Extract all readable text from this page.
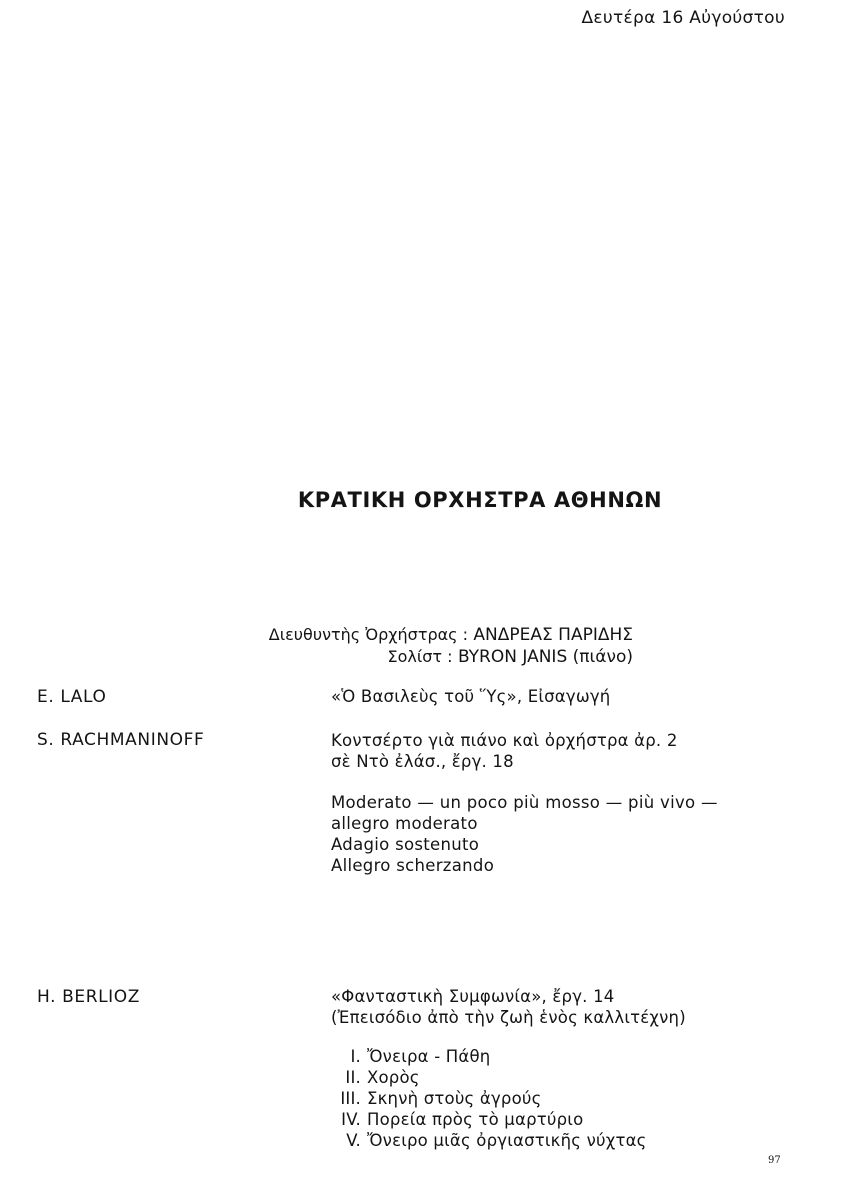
Δευτέρα 16 Αὐγούστου
ΚΡΑΤΙΚΗ ΟΡΧΗΣΤΡΑ ΑΘΗΝΩΝ
Διευθυντὴς Ὀρχήστρας : ΑΝΔΡΕΑΣ ΠΑΡΙΔΗΣ
Σολίστ : BYRON JANIS (πιάνο)
E. LALO	«Ὁ Βασιλεὺς τοῦ Ὕς», Εἰσαγωγή
S. RACHMANINOFF	Κοντσέρτο γιὰ πιάνο καὶ ὀρχήστρα ἀρ. 2
σὲ Ντὸ ἐλάσ., ἔργ. 18
Moderato — un poco più mosso — più vivo —
allegro moderato
Adagio sostenuto
Allegro scherzando
H. BERLIOZ	«Φανταστικὴ Συμφωνία», ἔργ. 14
(Ἐπεισόδιο ἀπὸ τὴν ζωὴ ἑνὸς καλλιτέχνη)
I. Ὄνειρα - Πάθη
II. Χορὸς
III. Σκηνὴ στοὺς ἀγρούς
IV. Πορεία πρὸς τὸ μαρτύριο
V. Ὄνειρο μιᾶς ὀργιαστικῆς νύχτας
97
